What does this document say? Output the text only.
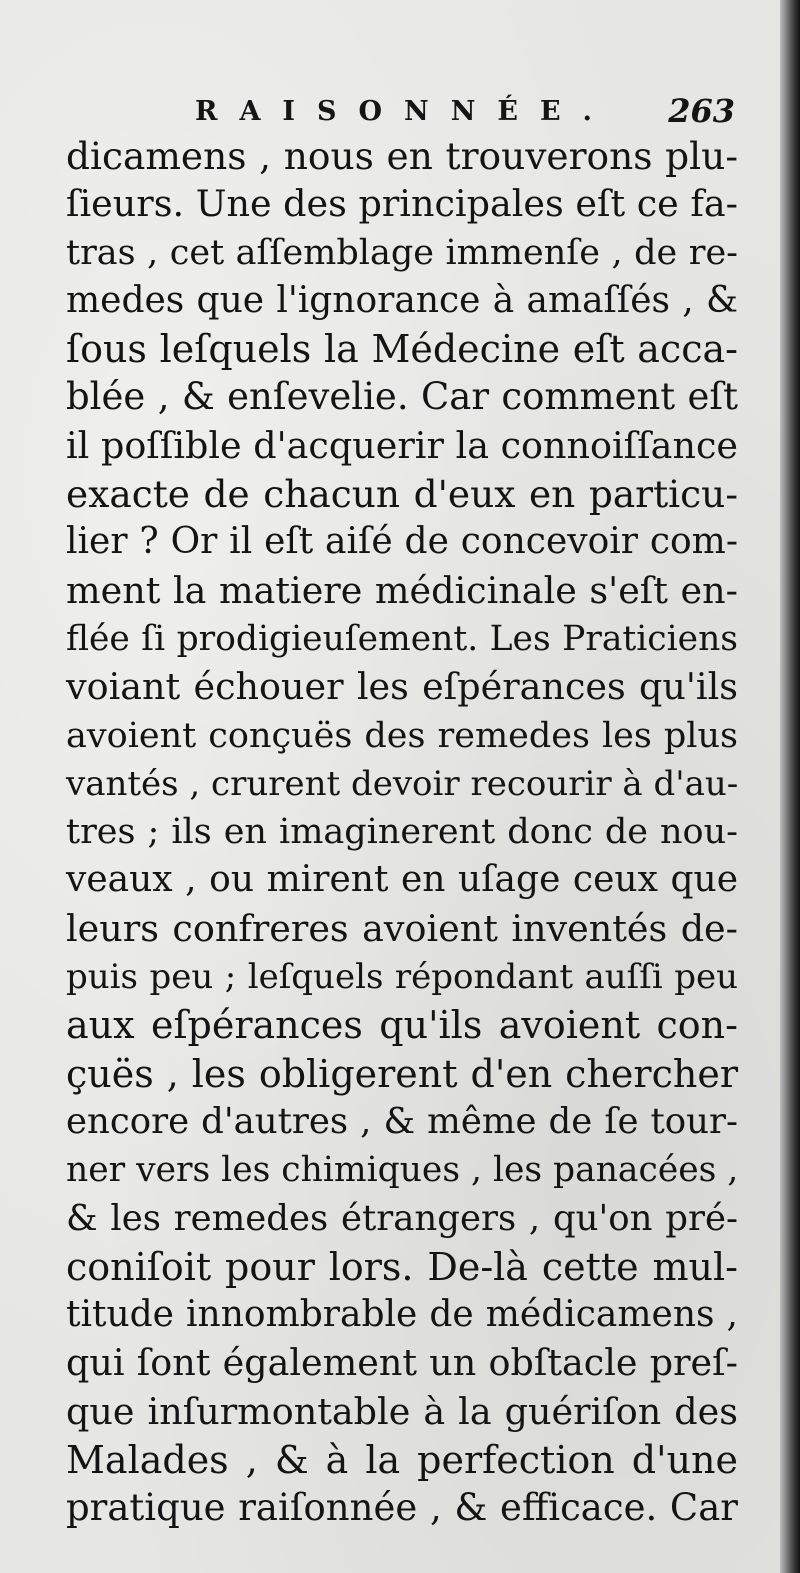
RAISONNÉE. 263
dicamens , nous en trouverons plu-
ſieurs. Une des principales eſt ce fa-
tras , cet aſſemblage immenſe , de re-
medes que l'ignorance à amaſſés , &
ſous leſquels la Médecine eſt acca-
blée , & enſevelie. Car comment eſt
il poſſible d'acquerir la connoiſſance
exacte de chacun d'eux en particu-
lier ? Or il eſt aiſé de concevoir com-
ment la matiere médicinale s'eſt en-
flée ſi prodigieuſement. Les Praticiens
voiant échouer les eſpérances qu'ils
avoient conçuës des remedes les plus
vantés , crurent devoir recourir à d'au-
tres ; ils en imaginerent donc de nou-
veaux , ou mirent en uſage ceux que
leurs confreres avoient inventés de-
puis peu ; leſquels répondant auſſi peu
aux eſpérances qu'ils avoient con-
çuës , les obligerent d'en chercher
encore d'autres , & même de ſe tour-
ner vers les chimiques , les panacées ,
& les remedes étrangers , qu'on pré-
coniſoit pour lors. De-là cette mul-
titude innombrable de médicamens ,
qui ſont également un obſtacle preſ-
que inſurmontable à la guériſon des
Malades , & à la perfection d'une
pratique raiſonnée , & efficace. Car
